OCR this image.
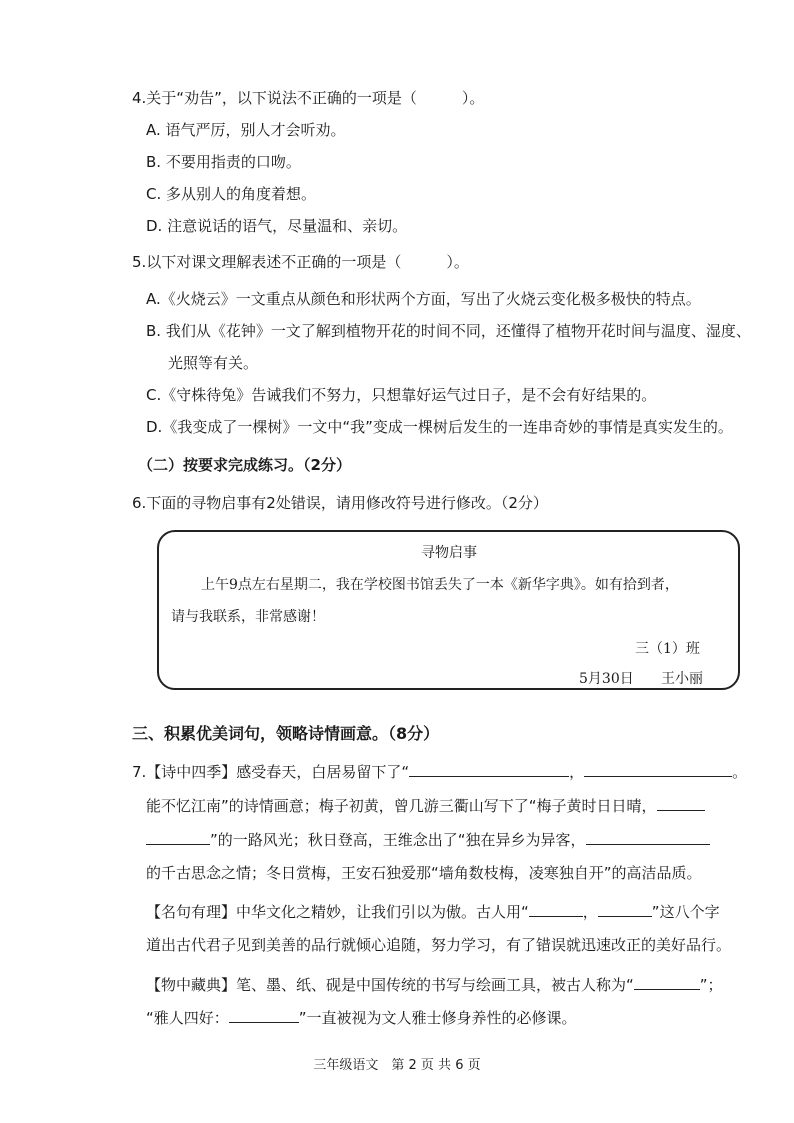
4.关于“劝告”，以下说法不正确的一项是（　　　）。
A. 语气严厉，别人才会听劝。
B. 不要用指责的口吻。
C. 多从别人的角度着想。
D. 注意说话的语气，尽量温和、亲切。
5.以下对课文理解表述不正确的一项是（　　　）。
A.《火烧云》一文重点从颜色和形状两个方面，写出了火烧云变化极多极快的特点。
B. 我们从《花钟》一文了解到植物开花的时间不同，还懂得了植物开花时间与温度、湿度、
光照等有关。
C.《守株待兔》告诫我们不努力，只想靠好运气过日子，是不会有好结果的。
D.《我变成了一棵树》一文中“我”变成一棵树后发生的一连串奇妙的事情是真实发生的。
（二）按要求完成练习。（2分）
6.下面的寻物启事有2处错误，请用修改符号进行修改。（2分）
寻物启事
上午9点左右星期二，我在学校图书馆丢失了一本《新华字典》。如有拾到者，
请与我联系，非常感谢！
三（1）班
5月30日 王小丽
三、积累优美词句，领略诗情画意。（8分）
7.【诗中四季】感受春天，白居易留下了“	，	。
能不忆江南”的诗情画意；梅子初黄，曾几游三衢山写下了“梅子黄时日日晴，
”的一路风光；秋日登高，王维念出了“独在异乡为异客，
的千古思念之情；冬日赏梅，王安石独爱那“墙角数枝梅，凌寒独自开”的高洁品质。
【名句有理】中华文化之精妙，让我们引以为傲。古人用“	，	”这八个字
道出古代君子见到美善的品行就倾心追随，努力学习，有了错误就迅速改正的美好品行。
【物中藏典】笔、墨、纸、砚是中国传统的书写与绘画工具，被古人称为“	”；
“雅人四好：	”一直被视为文人雅士修身养性的必修课。
三年级语文　第 2 页 共 6 页
